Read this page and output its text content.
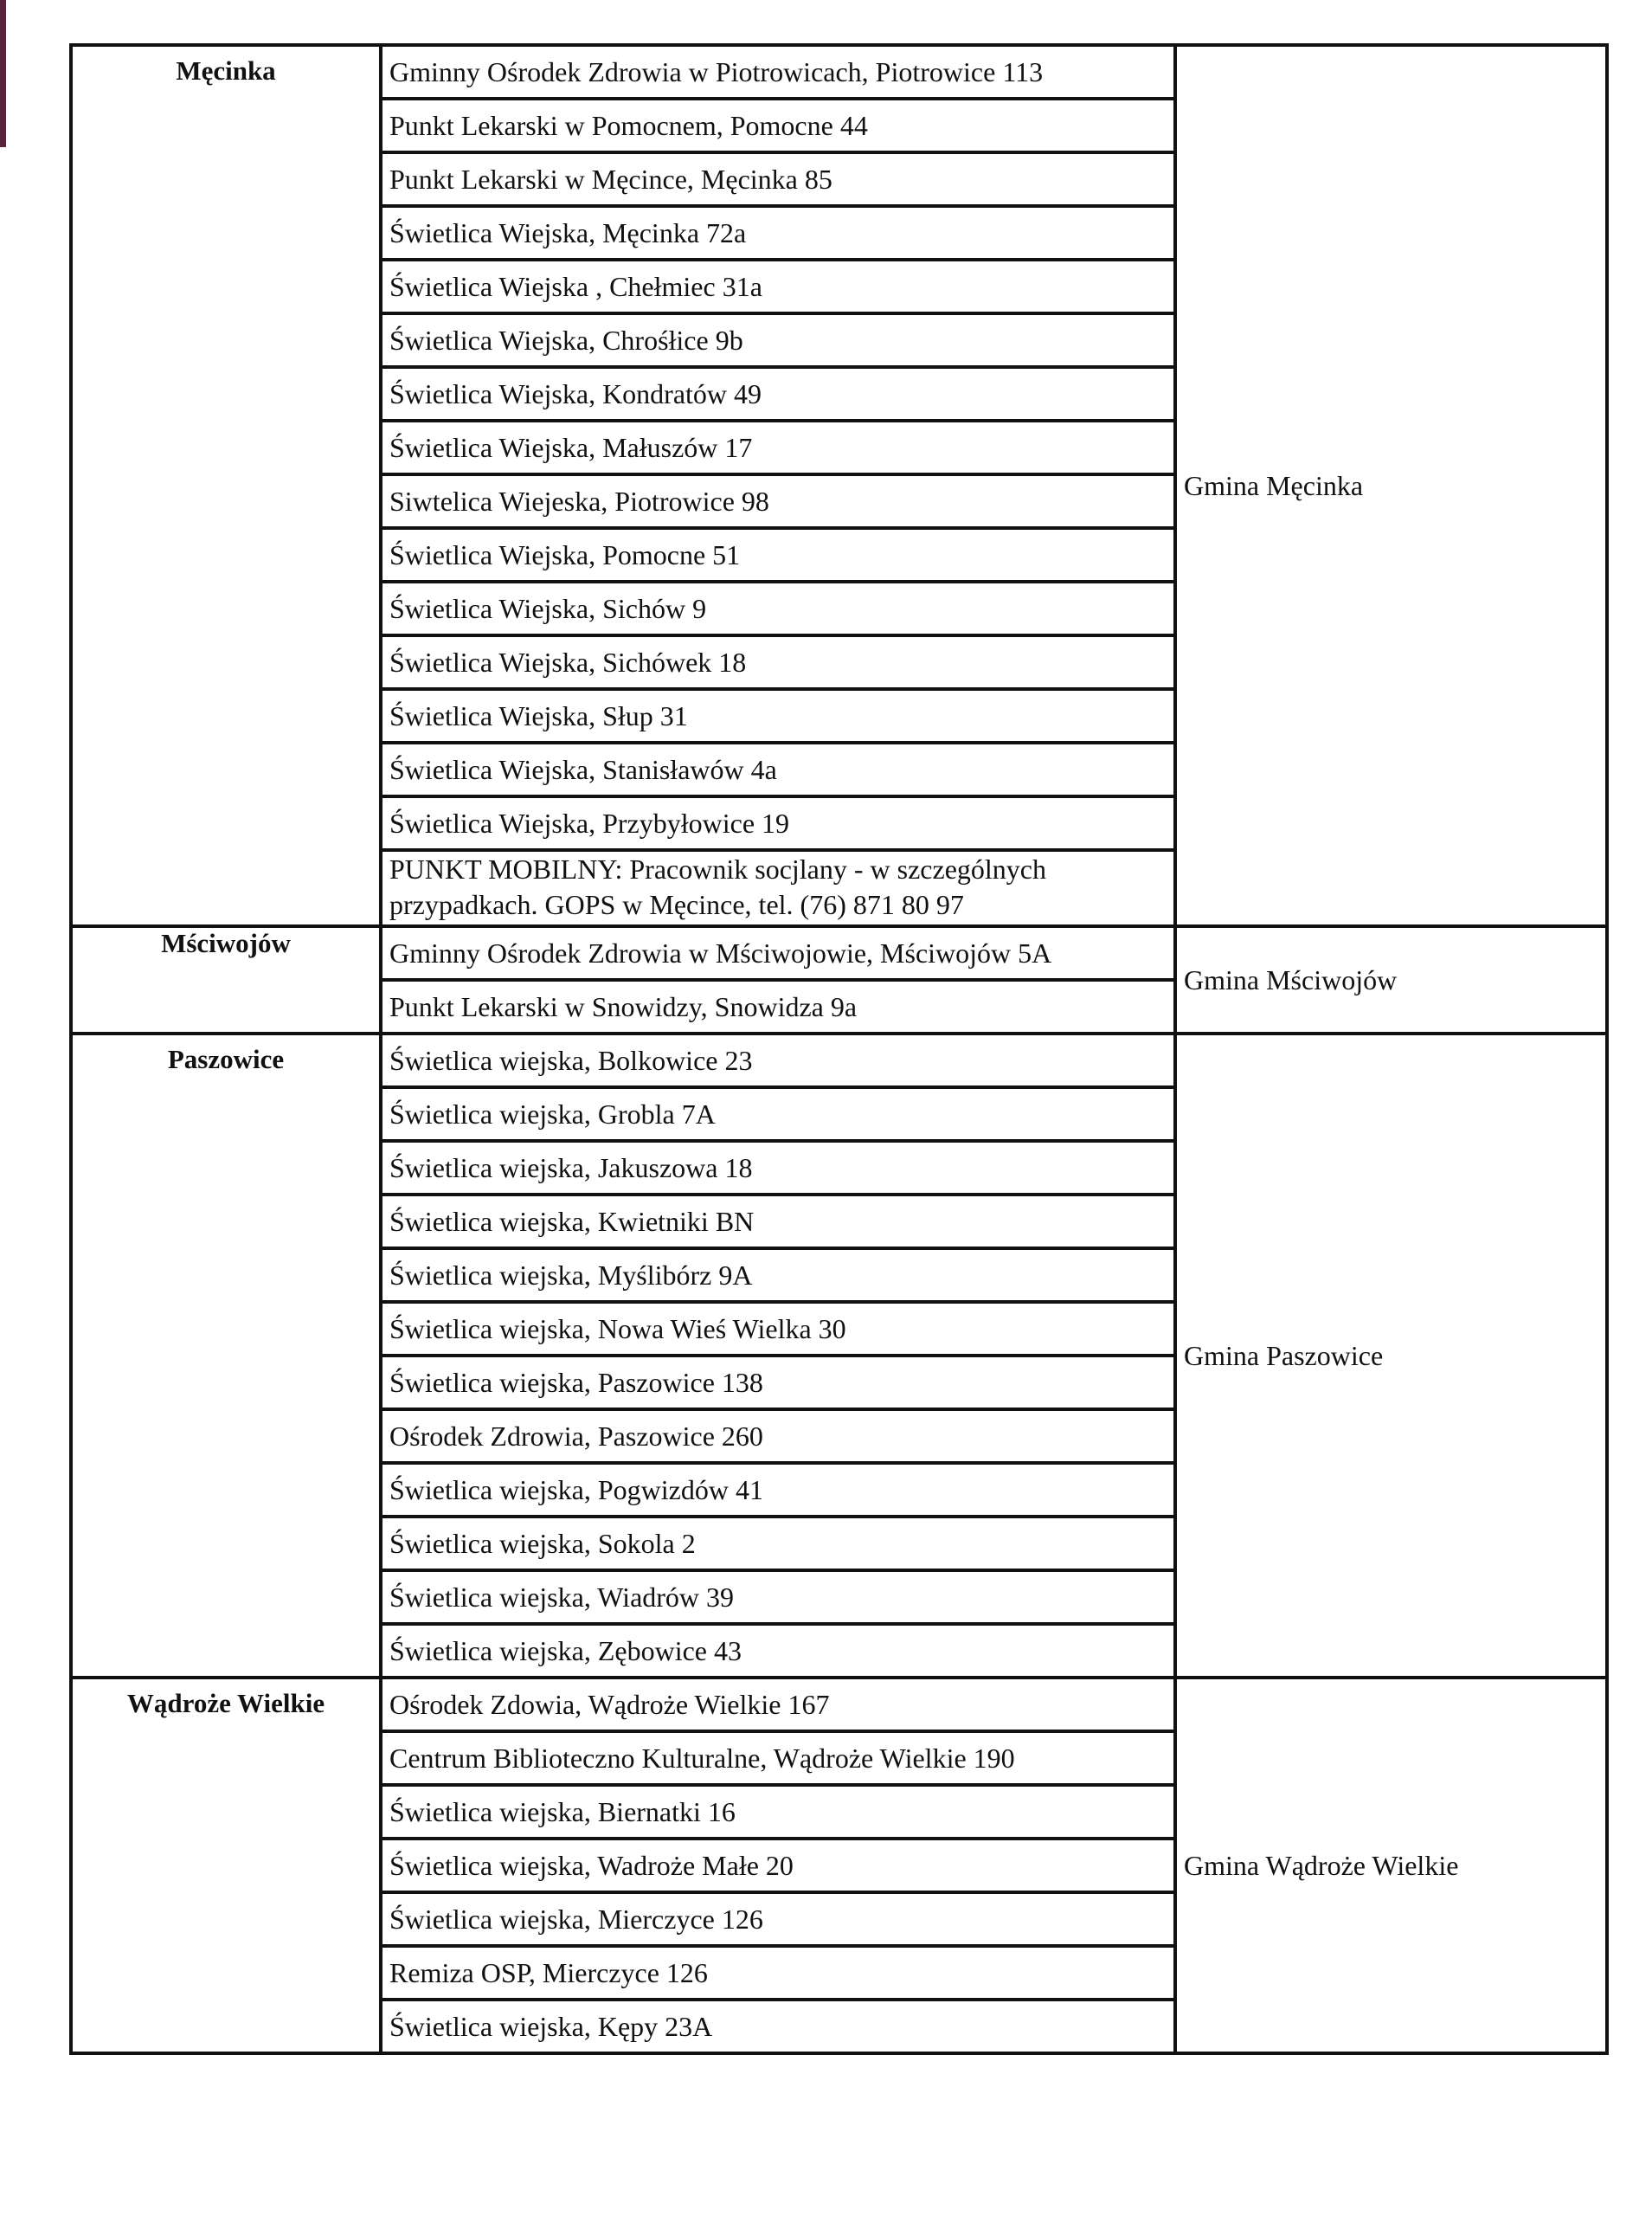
Męcinka	Gminny Ośrodek Zdrowia w Piotrowicach, Piotrowice 113	Gmina Męcinka
	Punkt Lekarski w Pomocnem, Pomocne 44	
	Punkt Lekarski w Męcince, Męcinka 85	
	Świetlica Wiejska, Męcinka 72a	
	Świetlica Wiejska , Chełmiec 31a	
	Świetlica Wiejska, Chrośłice 9b	
	Świetlica Wiejska, Kondratów 49	
	Świetlica Wiejska, Małuszów 17	
	Siwtelica Wiejeska, Piotrowice 98	
	Świetlica Wiejska, Pomocne 51	
	Świetlica Wiejska, Sichów 9	
	Świetlica Wiejska, Sichówek 18	
	Świetlica Wiejska, Słup 31	
	Świetlica Wiejska, Stanisławów 4a	
	Świetlica Wiejska, Przybyłowice 19	
	PUNKT MOBILNY: Pracownik socjlany - w szczególnych przypadkach. GOPS w Męcince, tel. (76) 871 80 97	
Mściwojów	Gminny Ośrodek Zdrowia w Mściwojowie, Mściwojów 5A	Gmina Mściwojów
	Punkt Lekarski w Snowidzy, Snowidza 9a	
Paszowice	Świetlica wiejska, Bolkowice 23	Gmina Paszowice
	Świetlica wiejska, Grobla 7A	
	Świetlica wiejska, Jakuszowa 18	
	Świetlica wiejska, Kwietniki BN	
	Świetlica wiejska, Myślibórz 9A	
	Świetlica wiejska, Nowa Wieś Wielka 30	
	Świetlica wiejska, Paszowice 138	
	Ośrodek Zdrowia, Paszowice 260	
	Świetlica wiejska, Pogwizdów 41	
	Świetlica wiejska, Sokola 2	
	Świetlica wiejska, Wiadrów 39	
	Świetlica wiejska, Zębowice 43	
Wądroże Wielkie	Ośrodek Zdowia, Wądroże Wielkie 167	Gmina Wądroże Wielkie
	Centrum Biblioteczno Kulturalne, Wądroże Wielkie 190	
	Świetlica wiejska, Biernatki 16	
	Świetlica wiejska, Wadroże Małe 20	
	Świetlica wiejska, Mierczyce 126	
	Remiza OSP, Mierczyce 126	
	Świetlica wiejska, Kępy 23A	
